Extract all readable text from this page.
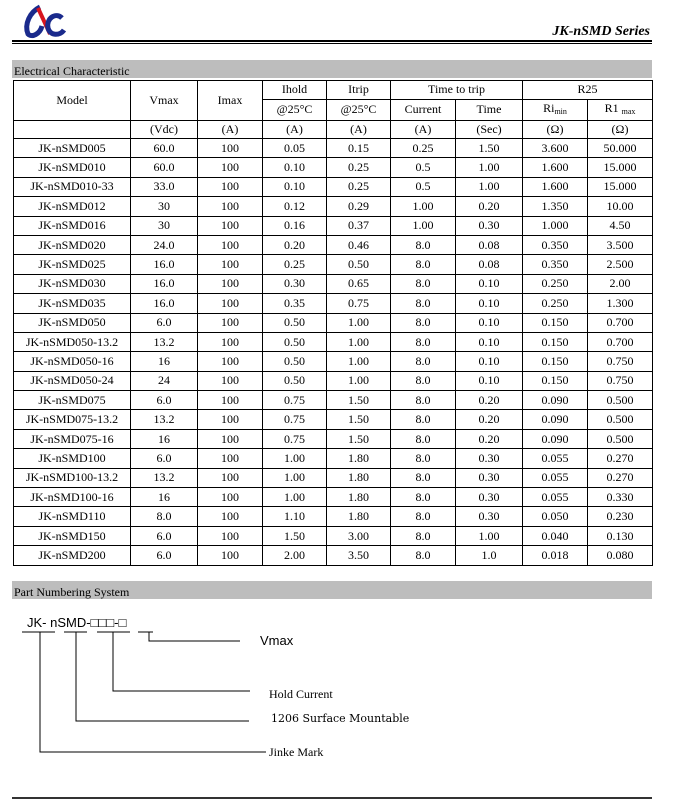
JK-nSMD Series
Electrical Characteristic
Model	Vmax	Imax	Ihold	Itrip	Time to trip		R25	
			@25°C	@25°C	Current	Time	$Ri_{min}$	R1 $_{max}$
	(Vdc)	(A)	(A)	(A)	(A)	(Sec)	(Ω)	(Ω)
JK-nSMD005	60.0	100	0.05	0.15	0.25	1.50	3.600	50.000
JK-nSMD010	60.0	100	0.10	0.25	0.5	1.00	1.600	15.000
JK-nSMD010-33	33.0	100	0.10	0.25	0.5	1.00	1.600	15.000
JK-nSMD012	30	100	0.12	0.29	1.00	0.20	1.350	10.00
JK-nSMD016	30	100	0.16	0.37	1.00	0.30	1.000	4.50
JK-nSMD020	24.0	100	0.20	0.46	8.0	0.08	0.350	3.500
JK-nSMD025	16.0	100	0.25	0.50	8.0	0.08	0.350	2.500
JK-nSMD030	16.0	100	0.30	0.65	8.0	0.10	0.250	2.00
JK-nSMD035	16.0	100	0.35	0.75	8.0	0.10	0.250	1.300
JK-nSMD050	6.0	100	0.50	1.00	8.0	0.10	0.150	0.700
JK-nSMD050-13.2	13.2	100	0.50	1.00	8.0	0.10	0.150	0.700
JK-nSMD050-16	16	100	0.50	1.00	8.0	0.10	0.150	0.750
JK-nSMD050-24	24	100	0.50	1.00	8.0	0.10	0.150	0.750
JK-nSMD075	6.0	100	0.75	1.50	8.0	0.20	0.090	0.500
JK-nSMD075-13.2	13.2	100	0.75	1.50	8.0	0.20	0.090	0.500
JK-nSMD075-16	16	100	0.75	1.50	8.0	0.20	0.090	0.500
JK-nSMD100	6.0	100	1.00	1.80	8.0	0.30	0.055	0.270
JK-nSMD100-13.2	13.2	100	1.00	1.80	8.0	0.30	0.055	0.270
JK-nSMD100-16	16	100	1.00	1.80	8.0	0.30	0.055	0.330
JK-nSMD110	8.0	100	1.10	1.80	8.0	0.30	0.050	0.230
JK-nSMD150	6.0	100	1.50	3.00	8.0	1.00	0.040	0.130
JK-nSMD200	6.0	100	2.00	3.50	8.0	1.0	0.018	0.080
Part Numbering System
JK- nSMD-□□□-□
Vmax
Hold Current
1206 Surface Mountable
Jinke Mark
